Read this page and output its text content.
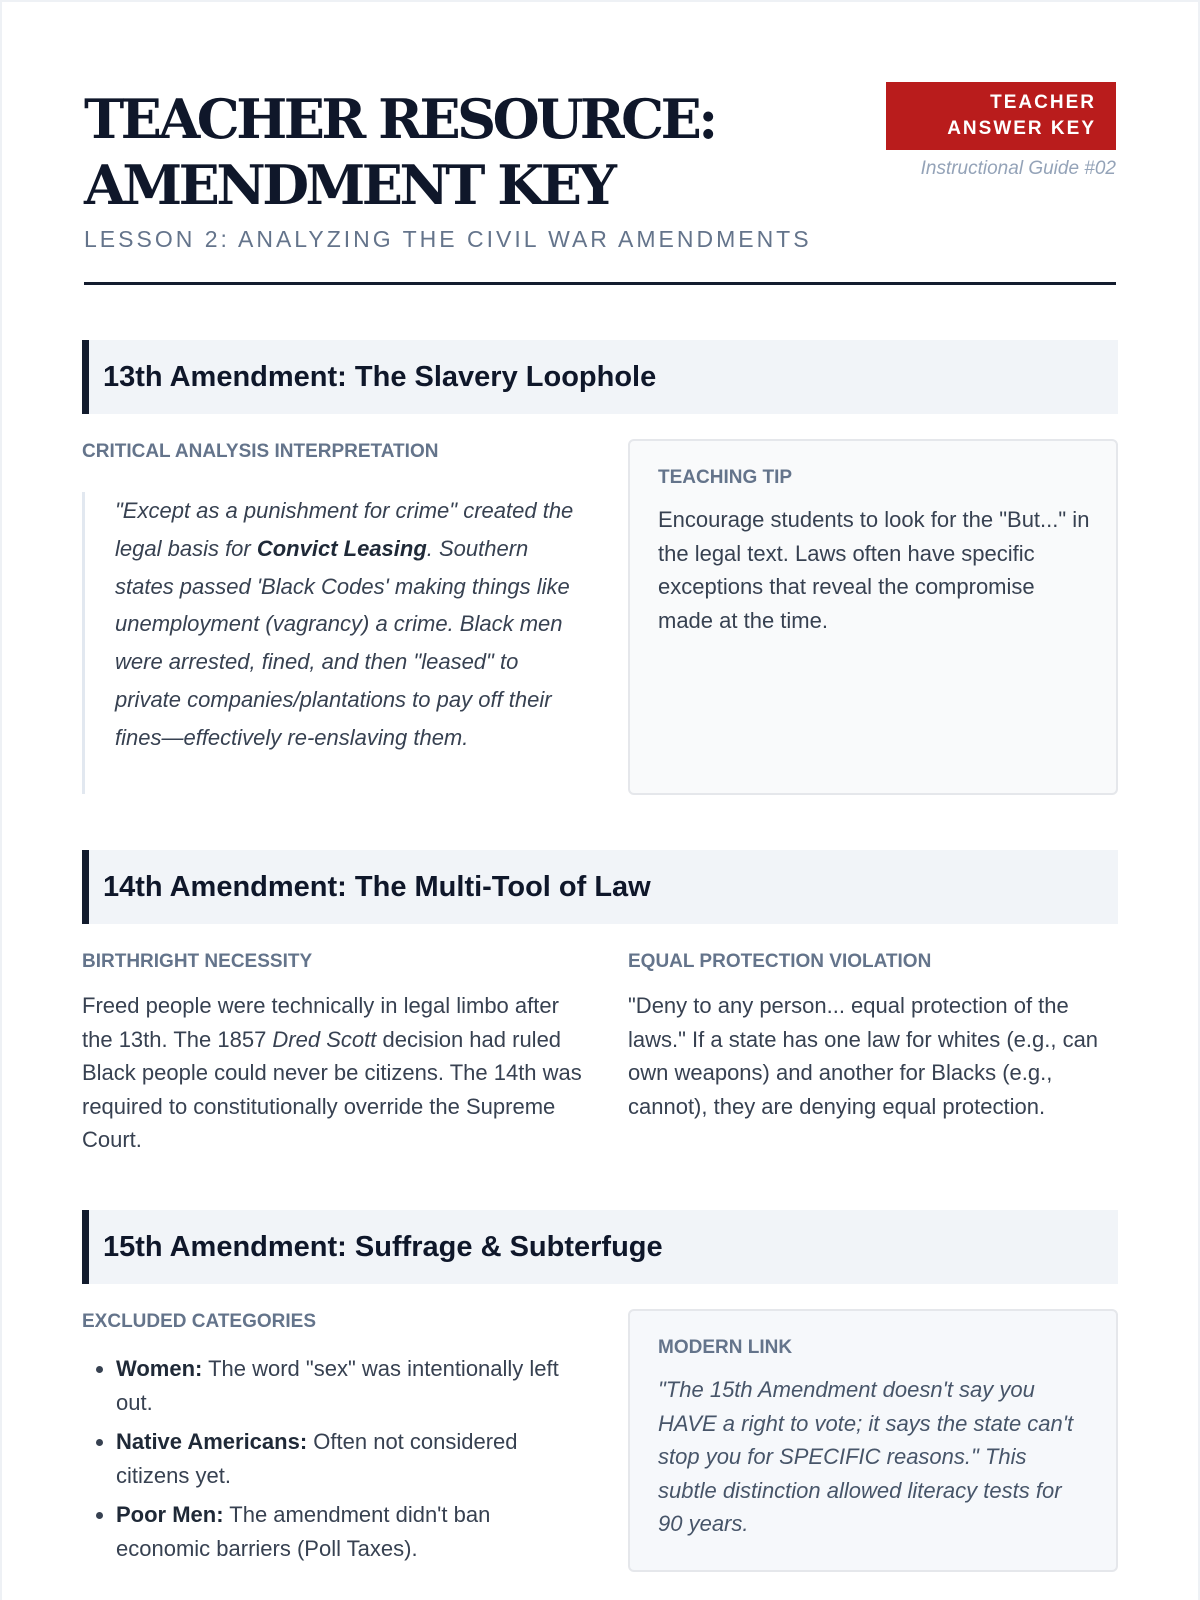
TEACHER RESOURCE:
AMENDMENT KEY
LESSON 2: ANALYZING THE CIVIL WAR AMENDMENTS
TEACHER
ANSWER KEY
Instructional Guide #02
13th Amendment: The Slavery Loophole
CRITICAL ANALYSIS INTERPRETATION
"Except as a punishment for crime" created the legal basis for Convict Leasing. Southern states passed 'Black Codes' making things like unemployment (vagrancy) a crime. Black men were arrested, fined, and then "leased" to private companies/plantations to pay off their fines—effectively re-enslaving them.
TEACHING TIP
Encourage students to look for the "But..." in the legal text. Laws often have specific exceptions that reveal the compromise made at the time.
14th Amendment: The Multi-Tool of Law
BIRTHRIGHT NECESSITY
Freed people were technically in legal limbo after the 13th. The 1857 Dred Scott decision had ruled Black people could never be citizens. The 14th was required to constitutionally override the Supreme Court.
EQUAL PROTECTION VIOLATION
"Deny to any person... equal protection of the laws." If a state has one law for whites (e.g., can own weapons) and another for Blacks (e.g., cannot), they are denying equal protection.
15th Amendment: Suffrage & Subterfuge
EXCLUDED CATEGORIES
• Women: The word "sex" was intentionally left out.
• Native Americans: Often not considered citizens yet.
• Poor Men: The amendment didn't ban economic barriers (Poll Taxes).
MODERN LINK
"The 15th Amendment doesn't say you HAVE a right to vote; it says the state can't stop you for SPECIFIC reasons." This subtle distinction allowed literacy tests for 90 years.
